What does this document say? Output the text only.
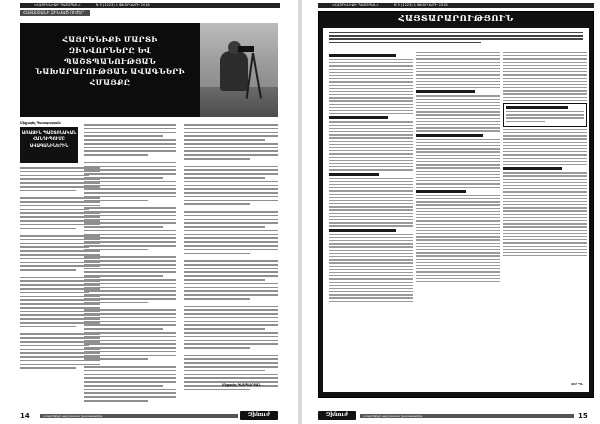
«ՀԱՅՐԵՆԻՔԻ ՊԱՇՏՊԱՆ»	N 5 (1223) 1 ՓԵՏՐՎԱՐԻ 2018
ՀԱՅԱՍՏԱՆԻ ԶԻՆՎԱԾ ՈՒԺԵՐ
ՀԱՅՐԵՆԻՔԻ ՄԱՐՏԻ ԶԻՆՎՈՐՆԵՐԸ ԵՎ ՊԱՇՏՊԱՆՈՒԹՅԱՆ ՆԱԽԱՐԱՐՈՒԹՅԱՆ ԱՎԱԳՆԵՐԻ ՀՄԱՅՔԸ
Միքայել Գասպարյան
ԱՌԱՋԻՆ ՊԱՇՏՈՆԱԿԱՆ ՀԱՆԴԻՊՈՒՄԸ ԱՎԱԳԱՆԻՆԵՐԻՆ
Միքայել ԳԱՍՊԱՐՅԱՆ
14	«Հայրենիքի պաշտպան» շաբաթաթերթ	Զինուժ
«ՀԱՅՐԵՆԻՔԻ ՊԱՇՏՊԱՆ»	N 5 (1223) 1 ՓԵՏՐՎԱՐԻ 2018
ՀԱՅՏԱՐԱՐՈՒԹՅՈՒՆ
ԶՈՒ ՊՆ
Զինուժ	«Հայրենիքի պաշտպան» շաբաթաթերթ	15
